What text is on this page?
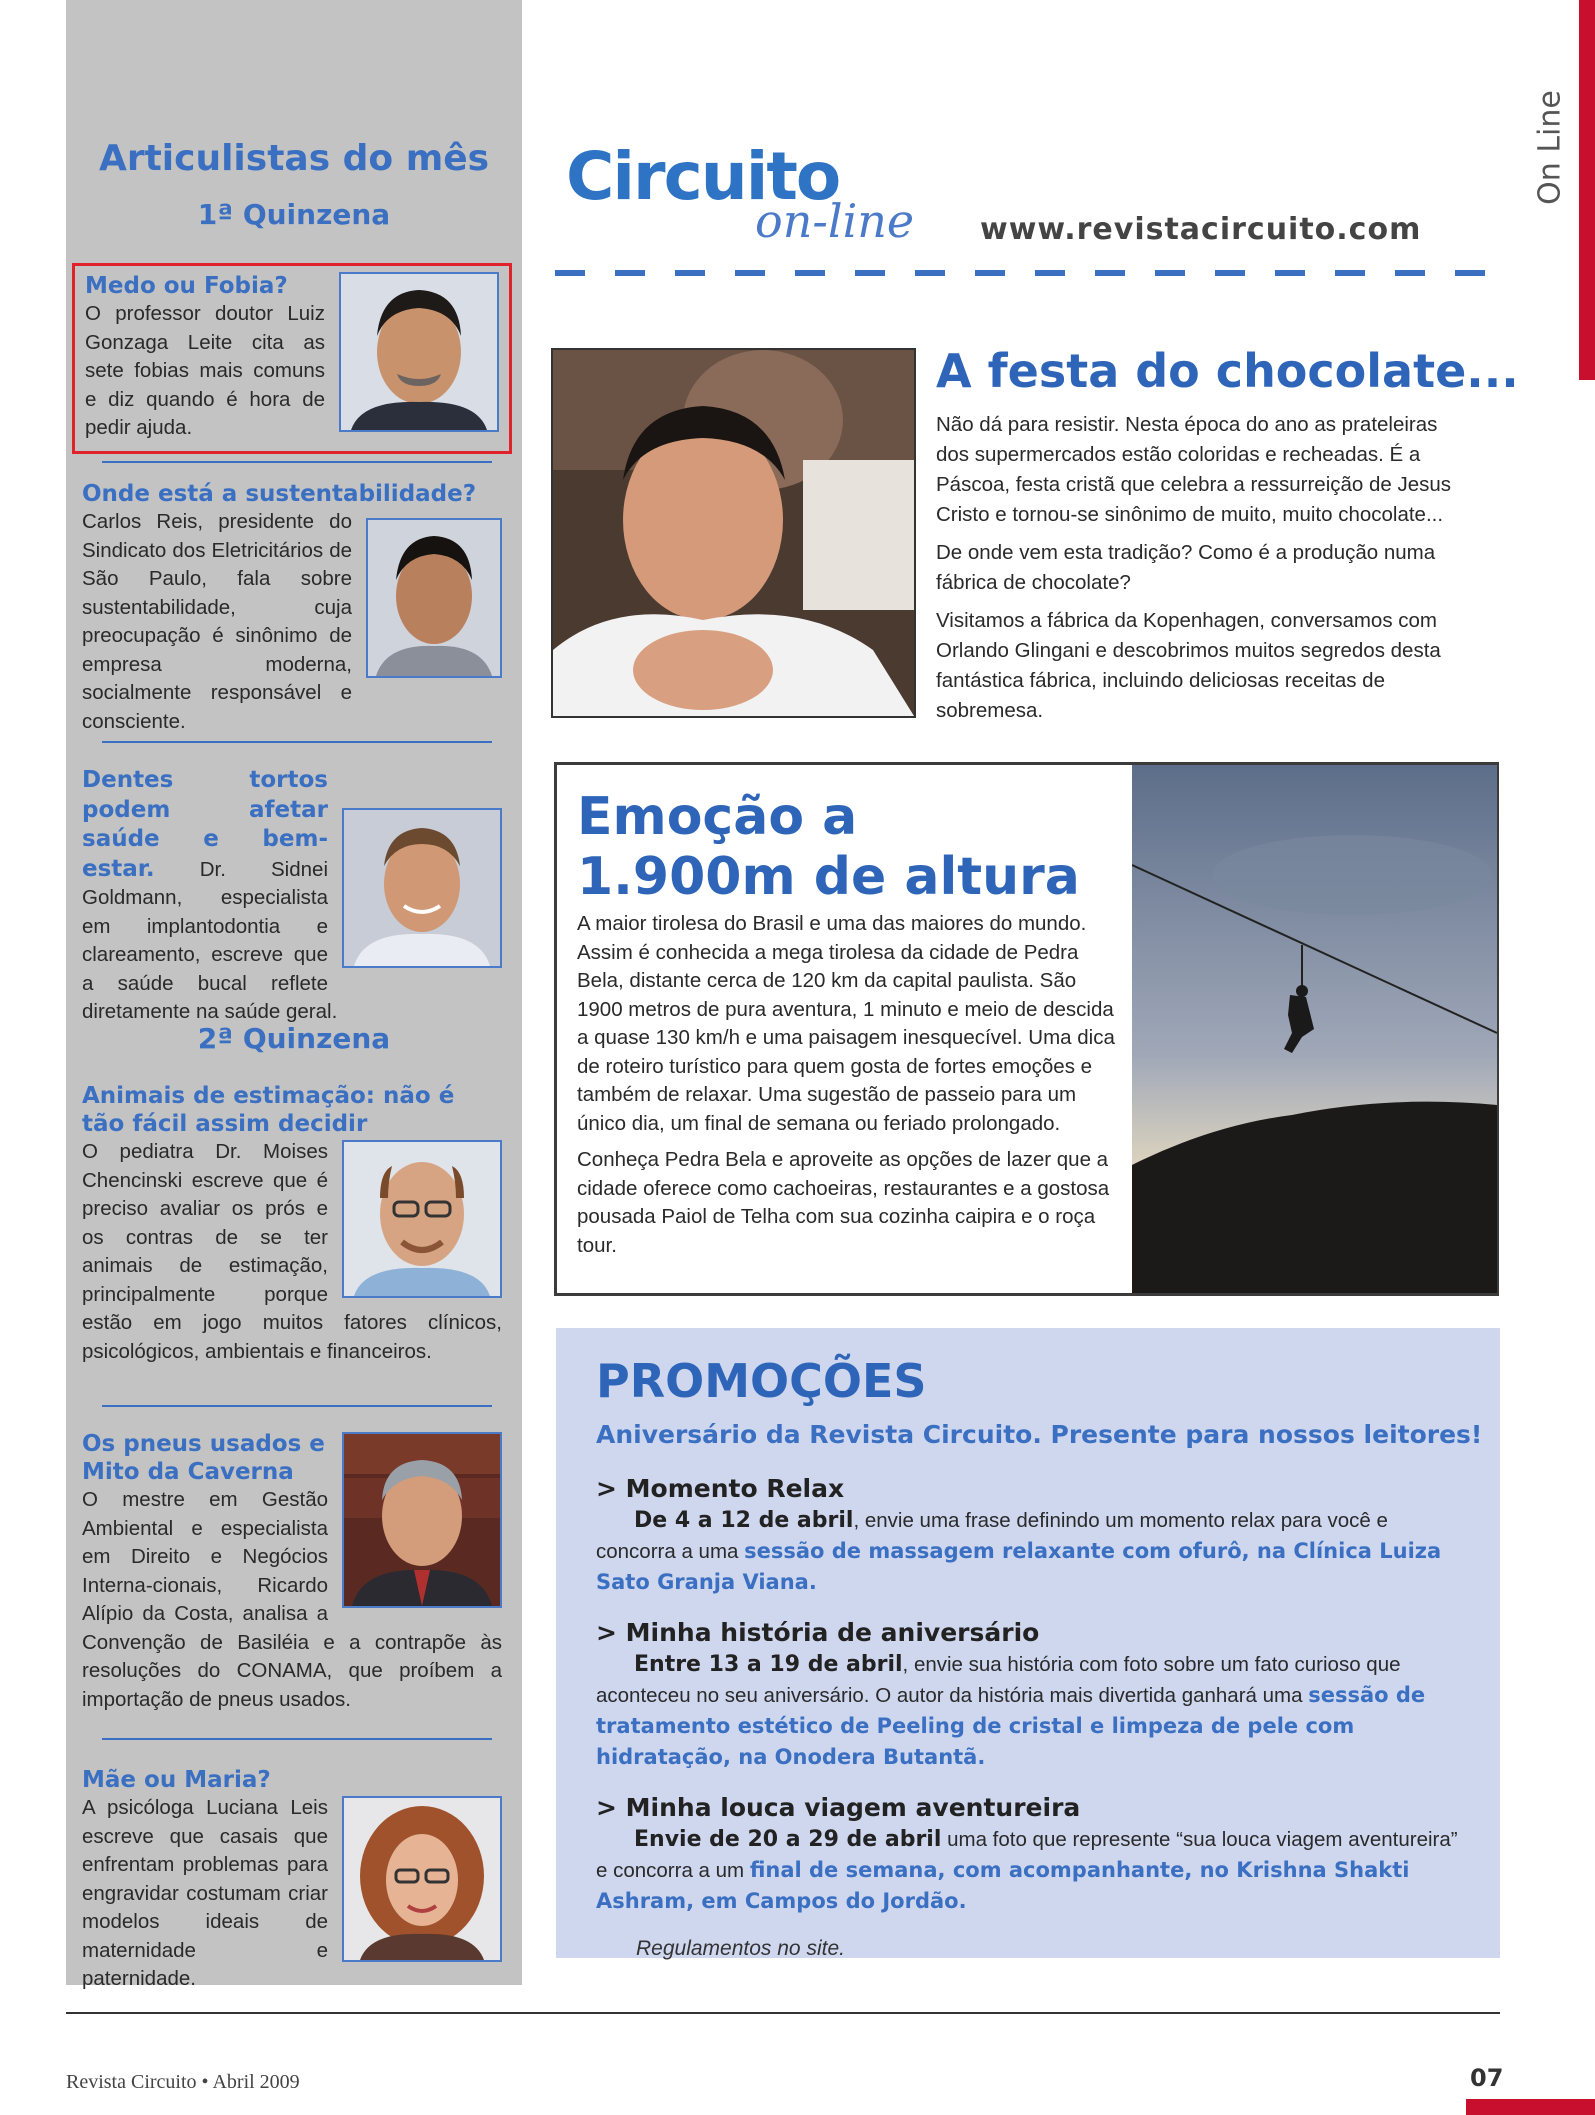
Articulistas do mês
1ª Quinzena
Medo ou Fobia?

O professor doutor Luiz Gonzaga Leite cita as sete fobias mais comuns e diz quando é hora de pedir ajuda.

Onde está a sustentabilidade?

Carlos Reis, presidente do Sindicato dos Eletricitários de São Paulo, fala sobre sustentabilidade, cuja preocupação é sinônimo de empresa moderna, socialmente responsável e consciente.

Dentes tortos podem afetar saúde e bem-estar. Dr. Sidnei Goldmann, especialista em implantodontia e clareamento, escreve que a saúde bucal reflete diretamente na saúde geral.

2ª Quinzena
Animais de estimação: não é tão fácil assim decidir

O pediatra Dr. Moises Chencinski escreve que é preciso avaliar os prós e os contras de se ter animais de estimação, principalmente porque estão em jogo muitos fatores clínicos, psicológicos, ambientais e financeiros.

Os pneus usados e Mito da Caverna

O mestre em Gestão Ambiental e especialista em Direito e Negócios Interna-cionais, Ricardo Alípio da Costa, analisa a Convenção de Basiléia e a contrapõe às resoluções do CONAMA, que proíbem a importação de pneus usados.

Mãe ou Maria?

A psicóloga Luciana Leis escreve que casais que enfrentam problemas para engravidar costumam criar modelos ideais de maternidade e paternidade.

Circuito
on-line www.revistacircuito.com
On Line
A festa do chocolate...

Não dá para resistir. Nesta época do ano as prateleiras dos supermercados estão coloridas e recheadas. É a Páscoa, festa cristã que celebra a ressurreição de Jesus Cristo e tornou-se sinônimo de muito, muito chocolate...

De onde vem esta tradição? Como é a produção numa fábrica de chocolate?

Visitamos a fábrica da Kopenhagen, conversamos com Orlando Glingani e descobrimos muitos segredos desta fantástica fábrica, incluindo deliciosas receitas de sobremesa.

Emoção a
1.900m de altura

A maior tirolesa do Brasil e uma das maiores do mundo. Assim é conhecida a mega tirolesa da cidade de Pedra Bela, distante cerca de 120 km da capital paulista. São 1900 metros de pura aventura, 1 minuto e meio de descida a quase 130 km/h e uma paisagem inesquecível. Uma dica de roteiro turístico para quem gosta de fortes emoções e também de relaxar. Uma sugestão de passeio para um único dia, um final de semana ou feriado prolongado.

Conheça Pedra Bela e aproveite as opções de lazer que a cidade oferece como cachoeiras, restaurantes e a gostosa pousada Paiol de Telha com sua cozinha caipira e o roça tour.

PROMOÇÕES
Aniversário da Revista Circuito. Presente para nossos leitores!
> Momento Relax

De 4 a 12 de abril, envie uma frase definindo um momento relax para você e concorra a uma sessão de massagem relaxante com ofurô, na Clínica Luiza Sato Granja Viana.

> Minha história de aniversário

Entre 13 a 19 de abril, envie sua história com foto sobre um fato curioso que aconteceu no seu aniversário. O autor da história mais divertida ganhará uma sessão de tratamento estético de Peeling de cristal e limpeza de pele com hidratação, na Onodera Butantã.

> Minha louca viagem aventureira

Envie de 20 a 29 de abril uma foto que represente “sua louca viagem aventureira” e concorra a um final de semana, com acompanhante, no Krishna Shakti Ashram, em Campos do Jordão.

Regulamentos no site.
Revista Circuito • Abril 2009	07
